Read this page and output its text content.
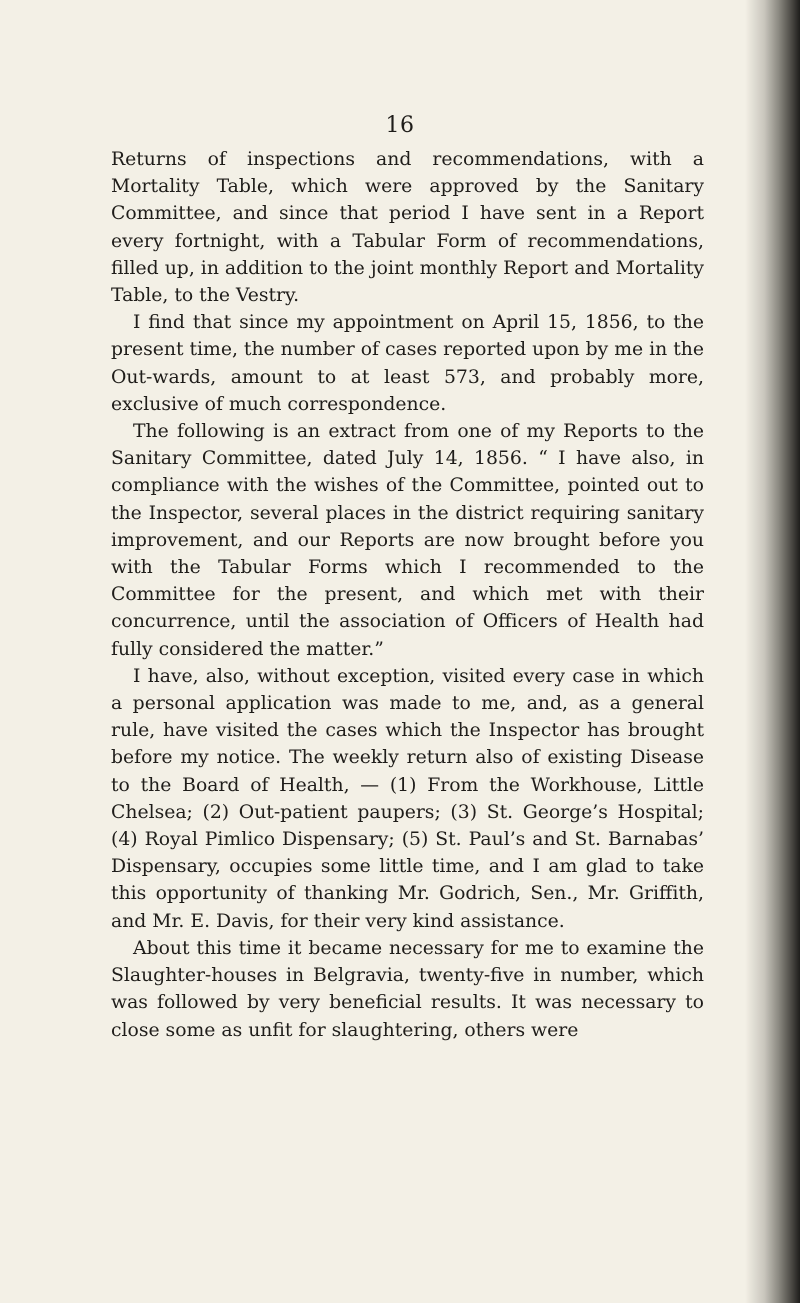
16

Returns of inspections and recommendations, with a Mortality Table, which were approved by the Sanitary Committee, and since that period I have sent in a Report every fortnight, with a Tabular Form of recommendations, filled up, in addition to the joint monthly Report and Mortality Table, to the Vestry.

I find that since my appointment on April 15, 1856, to the present time, the number of cases reported upon by me in the Out-wards, amount to at least 573, and probably more, exclusive of much correspondence.

The following is an extract from one of my Reports to the Sanitary Committee, dated July 14, 1856. “ I have also, in compliance with the wishes of the Committee, pointed out to the Inspector, several places in the district requiring sanitary improvement, and our Reports are now brought before you with the Tabular Forms which I recommended to the Committee for the present, and which met with their concurrence, until the association of Officers of Health had fully considered the matter.”

I have, also, without exception, visited every case in which a personal application was made to me, and, as a general rule, have visited the cases which the Inspector has brought before my notice. The weekly return also of existing Disease to the Board of Health, — (1) From the Workhouse, Little Chelsea; (2) Out-patient paupers; (3) St. George’s Hospital; (4) Royal Pimlico Dispensary; (5) St. Paul’s and St. Barnabas’ Dispensary, occupies some little time, and I am glad to take this opportunity of thanking Mr. Godrich, Sen., Mr. Griffith, and Mr. E. Davis, for their very kind assistance.

About this time it became necessary for me to examine the Slaughter-houses in Belgravia, twenty-five in number, which was followed by very beneficial results. It was necessary to close some as unfit for slaughtering, others were
